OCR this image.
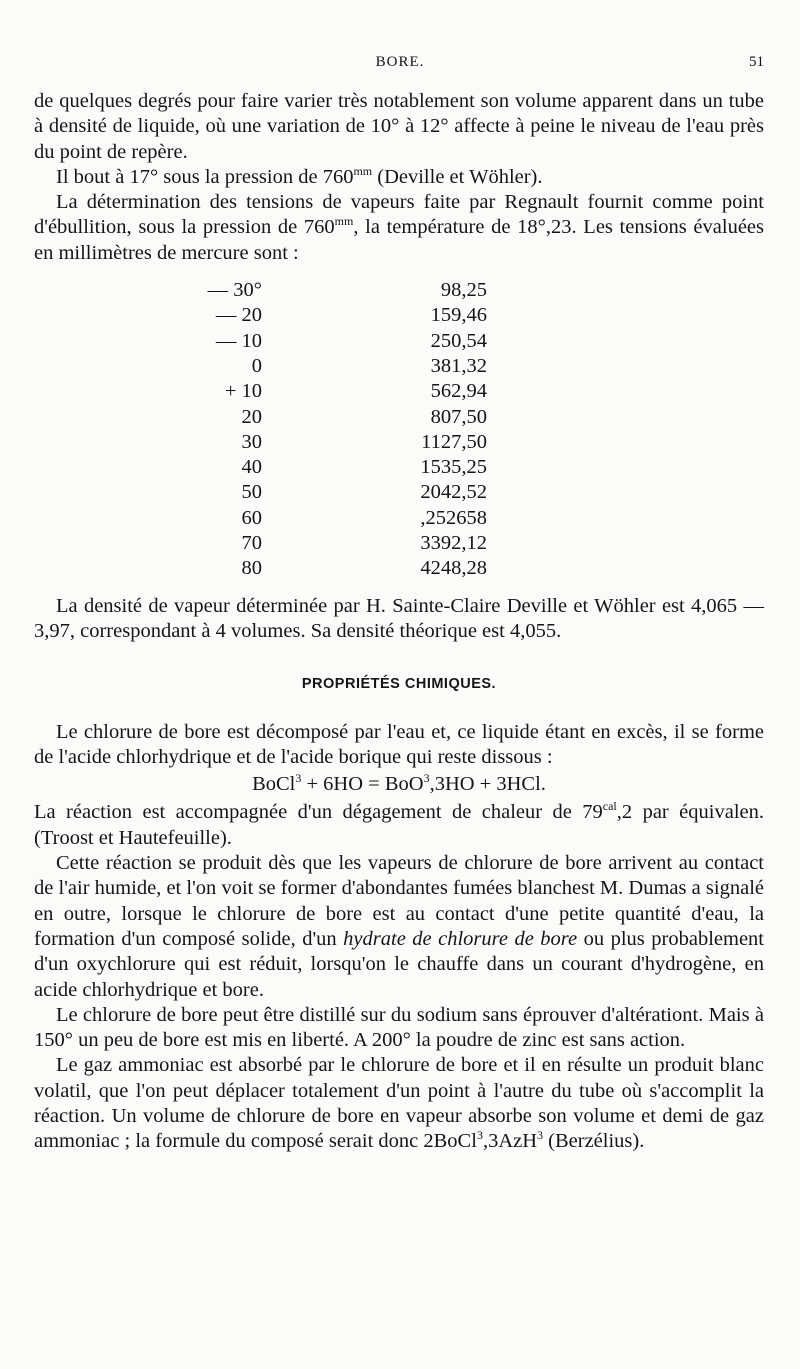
BORE.	51

de quelques degrés pour faire varier très notablement son volume apparent dans un tube à densité de liquide, où une variation de 10° à 12° affecte à peine le niveau de l'eau près du point de repère.

Il bout à 17° sous la pression de $760^{mm}$ (Deville et Wöhler).

La détermination des tensions de vapeurs faite par Regnault fournit comme point d'ébullition, sous la pression de $760^{mm}$, la température de 18°,23. Les tensions évaluées en millimètres de mercure sont :

— 30°	98,25
— 20	159,46
— 10	250,54
0	381,32
+ 10	562,94
20	807,50
30	1127,50
40	1535,25
50	2042,52
60	,252658
70	3392,12
80	4248,28

La densité de vapeur déterminée par H. Sainte-Claire Deville et Wöhler est 4,065 — 3,97, correspondant à 4 volumes. Sa densité théorique est 4,055.

PROPRIÉTÉS CHIMIQUES.

Le chlorure de bore est décomposé par l'eau et, ce liquide étant en excès, il se forme de l'acide chlorhydrique et de l'acide borique qui reste dissous :

BoCl$^3$ + 6HO = BoO$^3$,3HO + 3HCl.

La réaction est accompagnée d'un dégagement de chaleur de $79^{cal},2$ par équivalen. (Troost et Hautefeuille).

Cette réaction se produit dès que les vapeurs de chlorure de bore arrivent au contact de l'air humide, et l'on voit se former d'abondantes fumées blanchest M. Dumas a signalé en outre, lorsque le chlorure de bore est au contact d'une petite quantité d'eau, la formation d'un composé solide, d'un hydrate de chlorure de bore ou plus probablement d'un oxychlorure qui est réduit, lorsqu'on le chauffe dans un courant d'hydrogène, en acide chlorhydrique et bore.

Le chlorure de bore peut être distillé sur du sodium sans éprouver d'altérationt. Mais à 150° un peu de bore est mis en liberté. A 200° la poudre de zinc est sans action.

Le gaz ammoniac est absorbé par le chlorure de bore et il en résulte un produit blanc volatil, que l'on peut déplacer totalement d'un point à l'autre du tube où s'accomplit la réaction. Un volume de chlorure de bore en vapeur absorbe son volume et demi de gaz ammoniac ; la formule du composé serait donc 2BoCl$^3$,3AzH$^3$ (Berzélius).
